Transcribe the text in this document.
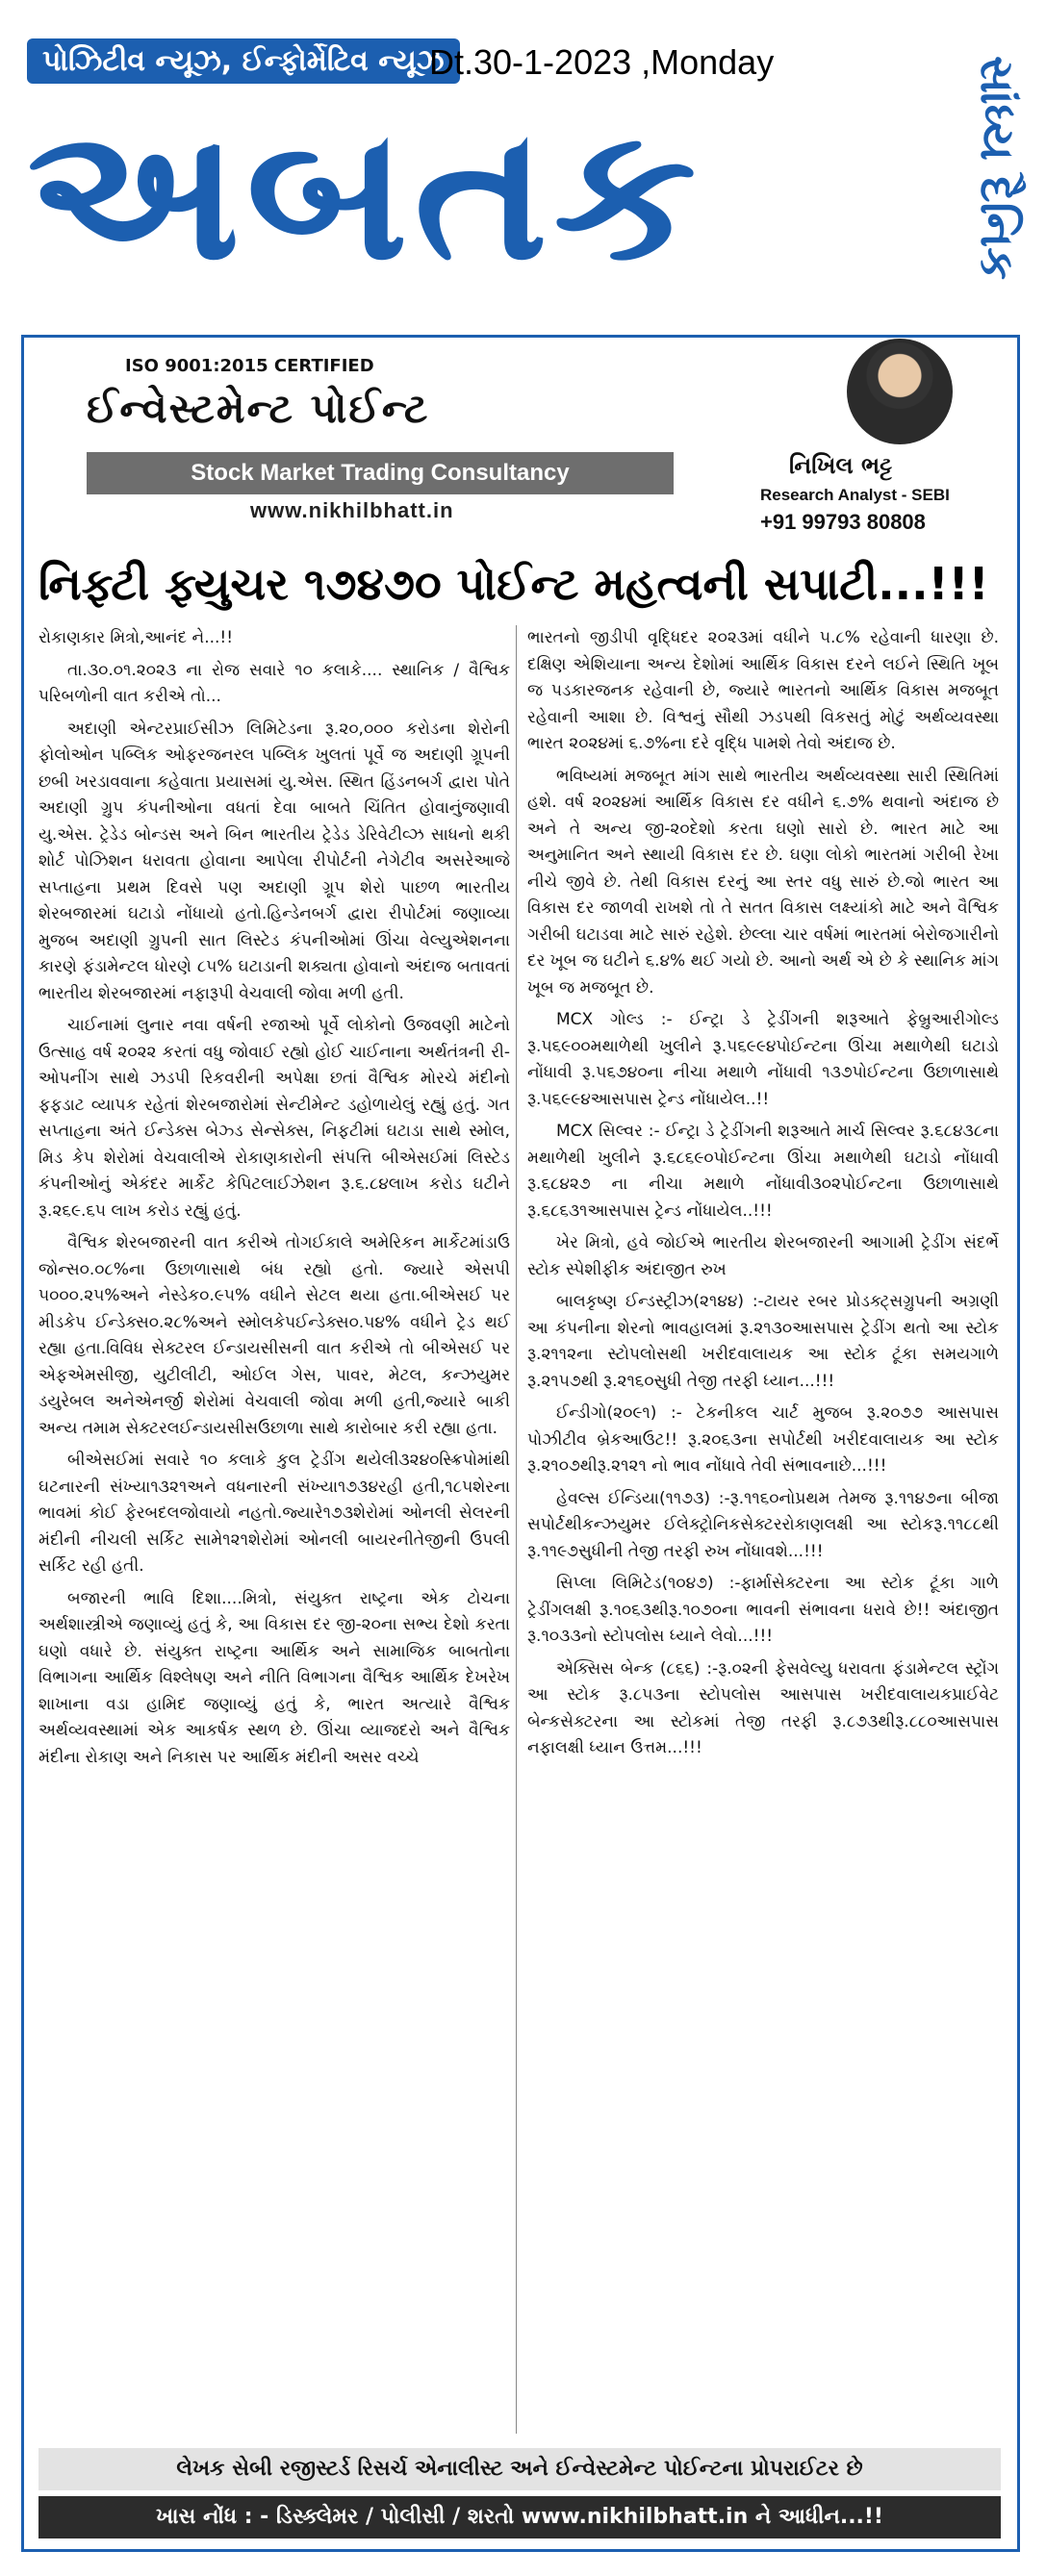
પોઝિટીવ ન્યૂઝ, ઈન્ફોર્મેટિવ ન્યૂઝ
Dt.30-1-2023 ,Monday
અબતક	સાંધ્ય દૈનિક
ISO 9001:2015 CERTIFIED
ઈન્વેસ્ટમેન્ટ પોઈન્ટ
Stock Market Trading Consultancy
www.nikhilbhatt.in
નિખિલ ભટ્ટ
Research Analyst - SEBI
+91 99793 80808
નિફ્ટી ફ્યુચર ૧૭૪૭૦ પોઈન્ટ મહત્વની સપાટી...!!!

રોકાણકાર મિત્રો,આનંદ ને...!!

તા.૩૦.૦૧.૨૦૨૩ ના રોજ સવારે ૧૦ કલાકે.... સ્થાનિક / વૈશ્વિક પરિબળોની વાત કરીએ તો...

અદાણી એન્ટરપ્રાઈસીઝ લિમિટેડના રૂ.૨૦,૦૦૦ કરોડના શેરોની ફોલોઓન પબ્લિક ઓફરજનરલ પબ્લિક ખુલતાં પૂર્વે જ અદાણી ગ્રૂપની છબી ખરડાવવાના કહેવાતા પ્રયાસમાં યુ.એસ. સ્થિત હિંડનબર્ગ દ્વારા પોતે અદાણી ગ્રુપ કંપનીઓના વધતાં દેવા બાબતે ચિંતિત હોવાનુંજણાવી યુ.એસ. ટ્રેડેડ બોન્ડસ અને બિન ભારતીય ટ્રેડેડ ડેરિવેટીવ્ઝ સાધનો થકી શોર્ટ પોઝિશન ધરાવતા હોવાના આપેલા રીપોર્ટની નેગેટીવ અસરેઆજે સપ્તાહના પ્રથમ દિવસે પણ અદાણી ગ્રૂપ શેરો પાછળ ભારતીય શેરબજારમાં ઘટાડો નોંધાયો હતો.હિન્ડેનબર્ગ દ્વારા રીપોર્ટમાં જણાવ્યા મુજબ અદાણી ગ્રુપની સાત લિસ્ટેડ કંપનીઓમાં ઊંચા વેલ્યુએશનના કારણે ફંડામેન્ટલ ધોરણે ૮૫% ઘટાડાની શક્યતા હોવાનો અંદાજ બતાવતાં ભારતીય શેરબજારમાં નફારૂપી વેચવાલી જોવા મળી હતી.

ચાઈનામાં લુનાર નવા વર્ષની રજાઓ પૂર્વે લોકોનો ઉજવણી માટેનો ઉત્સાહ વર્ષ ૨૦૨૨ કરતાં વધુ જોવાઈ રહ્યો હોઈ ચાઈનાના અર્થતંત્રની રી-ઓપનીંગ સાથે ઝડપી રિકવરીની અપેક્ષા છતાં વૈશ્વિક મોરચે મંદીનો ફફડાટ વ્યાપક રહેતાં શેરબજારોમાં સેન્ટીમેન્ટ ડહોળાયેલું રહ્યું હતું. ગત સપ્તાહના અંતે ઈન્ડેક્સ બેઝ્ડ સેન્સેક્સ, નિફટીમાં ઘટાડા સાથે સ્મોલ, મિડ કેપ શેરોમાં વેચવાલીએ રોકાણકારોની સંપત્તિ બીએસઈમાં લિસ્ટેડ કંપનીઓનું એકંદર માર્કેટ કેપિટલાઈઝેશન રૂ.૬.૮૪લાખ કરોડ ઘટીને રૂ.૨૬૯.૬૫ લાખ કરોડ રહ્યું હતું.

વૈશ્વિક શેરબજારની વાત કરીએ તોગઈકાલે અમેરિકન માર્કેટમાંડાઉ જોન્સ૦.૦૮%ના ઉછાળાસાથે બંધ રહ્યો હતો. જ્યારે એસપી ૫૦૦૦.૨૫%અને નેસ્ડેક૦.૯૫% વધીને સેટલ થયા હતા.બીએસઈ પર મીડકેપ ઈન્ડેક્સ૦.૨૮%અને સ્મોલકેપઈન્ડેક્સ૦.૫૪% વધીને ટ્રેડ થઈ રહ્યા હતા.વિવિધ સેક્ટરલ ઈન્ડાયસીસની વાત કરીએ તો બીએસઈ પર એફએમસીજી, યુટીલીટી, ઓઈલ ગેસ, પાવર, મેટલ, કન્ઝયુમર ડયુરેબલ અનેએનર્જી શેરોમાં વેચવાલી જોવા મળી હતી,જ્યારે બાકી અન્ય તમામ સેક્ટરલઈન્ડાયસીસઉછાળા સાથે કારોબાર કરી રહ્યા હતા.

બીએસઈમાં સવારે ૧૦ કલાકે કુલ ટ્રેડીંગ થયેલી૩૨૪૦સ્ક્રિપોમાંથી ઘટનારની સંખ્યા૧૩૨૧અને વધનારની સંખ્યા૧૭૩૪રહી હતી,૧૮૫શેરના ભાવમાં કોઈ ફેરબદલજોવાયો નહતો.જ્યારે૧૭૩શેરોમાં ઓનલી સેલરની મંદીની નીચલી સર્કિટ સામે૧૨૧શેરોમાં ઓનલી બાયરનીતેજીની ઉપલી સર્કિટ રહી હતી.

બજારની ભાવિ દિશા....મિત્રો, સંયુક્ત રાષ્ટ્રના એક ટોચના અર્થશાસ્ત્રીએ જણાવ્યું હતું કે, આ વિકાસ દર જી-૨૦ના સભ્ય દેશો કરતા ઘણો વધારે છે. સંયુક્ત રાષ્ટ્રના આર્થિક અને સામાજિક બાબતોના વિભાગના આર્થિક વિશ્લેષણ અને નીતિ વિભાગના વૈશ્વિક આર્થિક દેખરેખ શાખાના વડા હામિદ જણાવ્યું હતું કે, ભારત અત્યારે વૈશ્વિક અર્થવ્યવસ્થામાં એક આકર્ષક સ્થળ છે. ઊંચા વ્યાજદરો અને વૈશ્વિક મંદીના રોકાણ અને નિકાસ પર આર્થિક મંદીની અસર વચ્ચે

ભારતનો જીડીપી વૃદ્ધિદર ૨૦૨૩માં વધીને ૫.૮% રહેવાની ધારણા છે. દક્ષિણ એશિયાના અન્ય દેશોમાં આર્થિક વિકાસ દરને લઈને સ્થિતિ ખૂબ જ પડકારજનક રહેવાની છે, જ્યારે ભારતનો આર્થિક વિકાસ મજબૂત રહેવાની આશા છે. વિશ્વનું સૌથી ઝડપથી વિકસતું મોટું અર્થવ્યવસ્થા ભારત ૨૦૨૪માં ૬.૭%ના દરે વૃદ્ધિ પામશે તેવો અંદાજ છે.

ભવિષ્યમાં મજબૂત માંગ સાથે ભારતીય અર્થવ્યવસ્થા સારી સ્થિતિમાં હશે. વર્ષ ૨૦૨૪માં આર્થિક વિકાસ દર વધીને ૬.૭% થવાનો અંદાજ છે અને તે અન્ય જી-૨૦દેશો કરતા ઘણો સારો છે. ભારત માટે આ અનુમાનિત અને સ્થાયી વિકાસ દર છે. ઘણા લોકો ભારતમાં ગરીબી રેખા નીચે જીવે છે. તેથી વિકાસ દરનું આ સ્તર વધુ સારું છે.જો ભારત આ વિકાસ દર જાળવી રાખશે તો તે સતત વિકાસ લક્ષ્યાંકો માટે અને વૈશ્વિક ગરીબી ઘટાડવા માટે સારું રહેશે. છેલ્લા ચાર વર્ષમાં ભારતમાં બેરોજગારીનો દર ખૂબ જ ઘટીને ૬.૪% થઈ ગયો છે. આનો અર્થ એ છે કે સ્થાનિક માંગ ખૂબ જ મજબૂત છે.

MCX ગોલ્ડ :- ઈન્ટ્રા ડે ટ્રેડીંગની શરૂઆતે ફેબ્રુઆરીગોલ્ડ રૂ.૫૬૯૦૦મથાળેથી ખુલીને રૂ.૫૬૯૯૪પોઈન્ટના ઊંચા મથાળેથી ઘટાડો નોંધાવી રૂ.૫૬૭૪૦ના નીચા મથાળે નોંધાવી ૧૩૭પોઈન્ટના ઉછાળાસાથે રૂ.૫૬૯૯૪આસપાસ ટ્રેન્ડ નોંધાયેલ..!!

MCX સિલ્વર :- ઈન્ટ્રા ડે ટ્રેડીંગની શરૂઆતે માર્ચ સિલ્વર રૂ.૬૮૪૩૮ના મથાળેથી ખુલીને રૂ.૬૮૬૯૦પોઈન્ટના ઊંચા મથાળેથી ઘટાડો નોંધાવી રૂ.૬૮૪૨૭ ના નીચા મથાળે નોંધાવી૩૦૨પોઈન્ટના ઉછાળાસાથે રૂ.૬૮૬૩૧આસપાસ ટ્રેન્ડ નોંધાયેલ..!!!

ખેર મિત્રો, હવે જોઈએ ભારતીય શેરબજારની આગામી ટ્રેડીંગ સંદર્ભે સ્ટોક સ્પેશીફીક અંદાજીત રુખ

બાલકૃષ્ણ ઈન્ડસ્ટ્રીઝ(૨૧૪૪) :-ટાયર રબર પ્રોડક્ટ્સગ્રુપની અગ્રણી આ કંપનીના શેરનો ભાવહાલમાં રૂ.૨૧૩૦આસપાસ ટ્રેડીંગ થતો આ સ્ટોક રૂ.૨૧૧૨ના સ્ટોપલોસથી ખરીદવાલાયક આ સ્ટોક ટૂંકા સમયગાળે રૂ.૨૧૫૭થી રૂ.૨૧૬૦સુધી તેજી તરફી ધ્યાન...!!!

ઈન્ડીગો(૨૦૯૧) :- ટેકનીકલ ચાર્ટ મુજબ રૂ.૨૦૭૭ આસપાસ પોઝીટીવ બ્રેકઆઉટ!! રૂ.૨૦૬૩ના સપોર્ટથી ખરીદવાલાયક આ સ્ટોક રૂ.૨૧૦૭થીરૂ.૨૧૨૧ નો ભાવ નોંધાવે તેવી સંભાવનાછે...!!!

હેવલ્સ ઈન્ડિયા(૧૧૭૩) :-રૂ.૧૧૬૦નોપ્રથમ તેમજ રૂ.૧૧૪૭ના બીજા સપોર્ટથીકન્ઝયુમર ઈલેક્ટ્રોનિકસેક્ટરરોકાણલક્ષી આ સ્ટોકરૂ.૧૧૮૮થી રૂ.૧૧૯૭સુધીની તેજી તરફી રુખ નોંધાવશે...!!!

સિપ્લા લિમિટેડ(૧૦૪૭) :-ફાર્માસેક્ટરના આ સ્ટોક ટૂંકા ગાળે ટ્રેડીંગલક્ષી રૂ.૧૦૬૩થીરૂ.૧૦૭૦ના ભાવની સંભાવના ધરાવે છે!! અંદાજીત રૂ.૧૦૩૩નો સ્ટોપલોસ ધ્યાને લેવો...!!!

એક્સિસ બેન્ક (૮૬૬) :-રૂ.૦૨ની ફેસવેલ્યુ ધરાવતા ફંડામેન્ટલ સ્ટ્રોંગ આ સ્ટોક રૂ.૮૫૩ના સ્ટોપલોસ આસપાસ ખરીદવાલાયકપ્રાઈવેટ બેન્કસેક્ટરના આ સ્ટોકમાં તેજી તરફી રૂ.૮૭૩થીરૂ.૮૮૦આસપાસ નફાલક્ષી ધ્યાન ઉત્તમ...!!!

લેખક સેબી રજીસ્ટર્ડ રિસર્ચ એનાલીસ્ટ અને ઈન્વેસ્ટમેન્ટ પોઈન્ટના પ્રોપરાઈટર છે
ખાસ નોંધ : - ડિસ્ક્લેમર / પોલીસી / શરતો www.nikhilbhatt.in ને આધીન...!!
